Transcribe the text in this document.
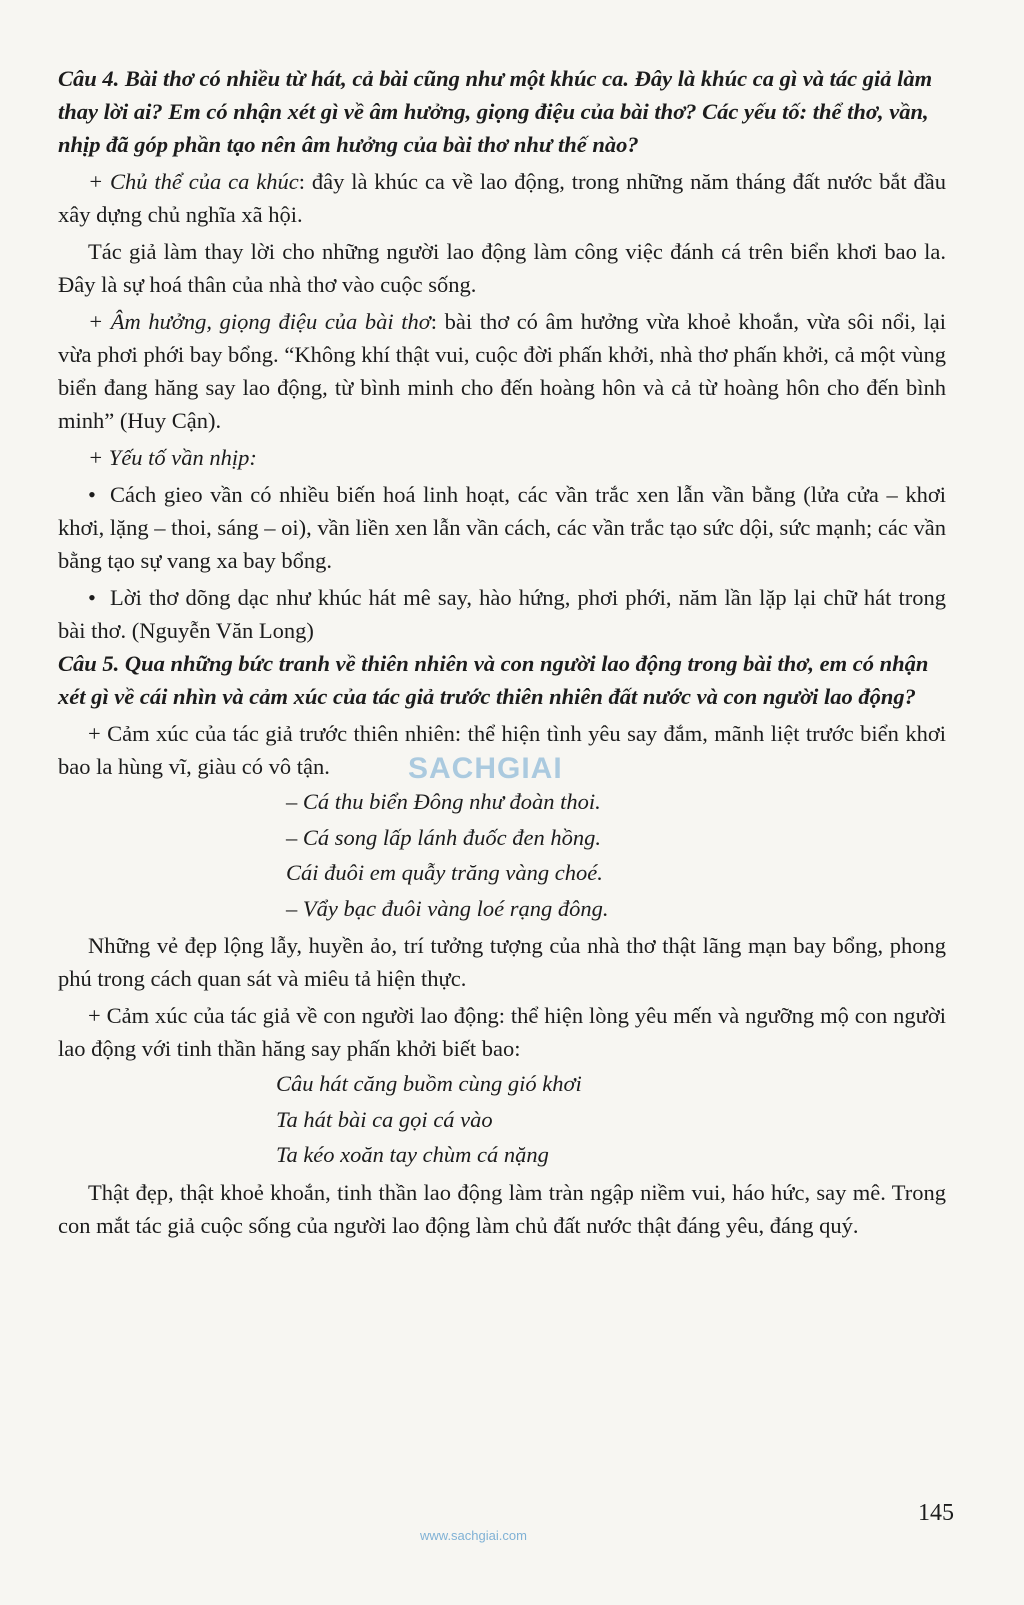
Câu 4. Bài thơ có nhiều từ hát, cả bài cũng như một khúc ca. Đây là khúc ca gì và tác giả làm thay lời ai? Em có nhận xét gì về âm hưởng, giọng điệu của bài thơ? Các yếu tố: thể thơ, vần, nhịp đã góp phần tạo nên âm hưởng của bài thơ như thế nào?

+ Chủ thể của ca khúc: đây là khúc ca về lao động, trong những năm tháng đất nước bắt đầu xây dựng chủ nghĩa xã hội.

Tác giả làm thay lời cho những người lao động làm công việc đánh cá trên biển khơi bao la. Đây là sự hoá thân của nhà thơ vào cuộc sống.

+ Âm hưởng, giọng điệu của bài thơ: bài thơ có âm hưởng vừa khoẻ khoắn, vừa sôi nổi, lại vừa phơi phới bay bổng. “Không khí thật vui, cuộc đời phấn khởi, nhà thơ phấn khởi, cả một vùng biển đang hăng say lao động, từ bình minh cho đến hoàng hôn và cả từ hoàng hôn cho đến bình minh” (Huy Cận).

+ Yếu tố vần nhịp:

• Cách gieo vần có nhiều biến hoá linh hoạt, các vần trắc xen lẫn vần bằng (lửa cửa – khơi khơi, lặng – thoi, sáng – oi), vần liền xen lẫn vần cách, các vần trắc tạo sức dội, sức mạnh; các vần bằng tạo sự vang xa bay bổng.

• Lời thơ dõng dạc như khúc hát mê say, hào hứng, phơi phới, năm lần lặp lại chữ hát trong bài thơ. (Nguyễn Văn Long)

Câu 5. Qua những bức tranh về thiên nhiên và con người lao động trong bài thơ, em có nhận xét gì về cái nhìn và cảm xúc của tác giả trước thiên nhiên đất nước và con người lao động?

+ Cảm xúc của tác giả trước thiên nhiên: thể hiện tình yêu say đắm, mãnh liệt trước biển khơi bao la hùng vĩ, giàu có vô tận.

– Cá thu biển Đông như đoàn thoi.

– Cá song lấp lánh đuốc đen hồng.

Cái đuôi em quẫy trăng vàng choé.

– Vẩy bạc đuôi vàng loé rạng đông.

Những vẻ đẹp lộng lẫy, huyền ảo, trí tưởng tượng của nhà thơ thật lãng mạn bay bổng, phong phú trong cách quan sát và miêu tả hiện thực.

+ Cảm xúc của tác giả về con người lao động: thể hiện lòng yêu mến và ngưỡng mộ con người lao động với tinh thần hăng say phấn khởi biết bao:

Câu hát căng buồm cùng gió khơi

Ta hát bài ca gọi cá vào

Ta kéo xoăn tay chùm cá nặng

Thật đẹp, thật khoẻ khoắn, tinh thần lao động làm tràn ngập niềm vui, háo hức, say mê. Trong con mắt tác giả cuộc sống của người lao động làm chủ đất nước thật đáng yêu, đáng quý.

SACHGIAI
145
www.sachgiai.com
